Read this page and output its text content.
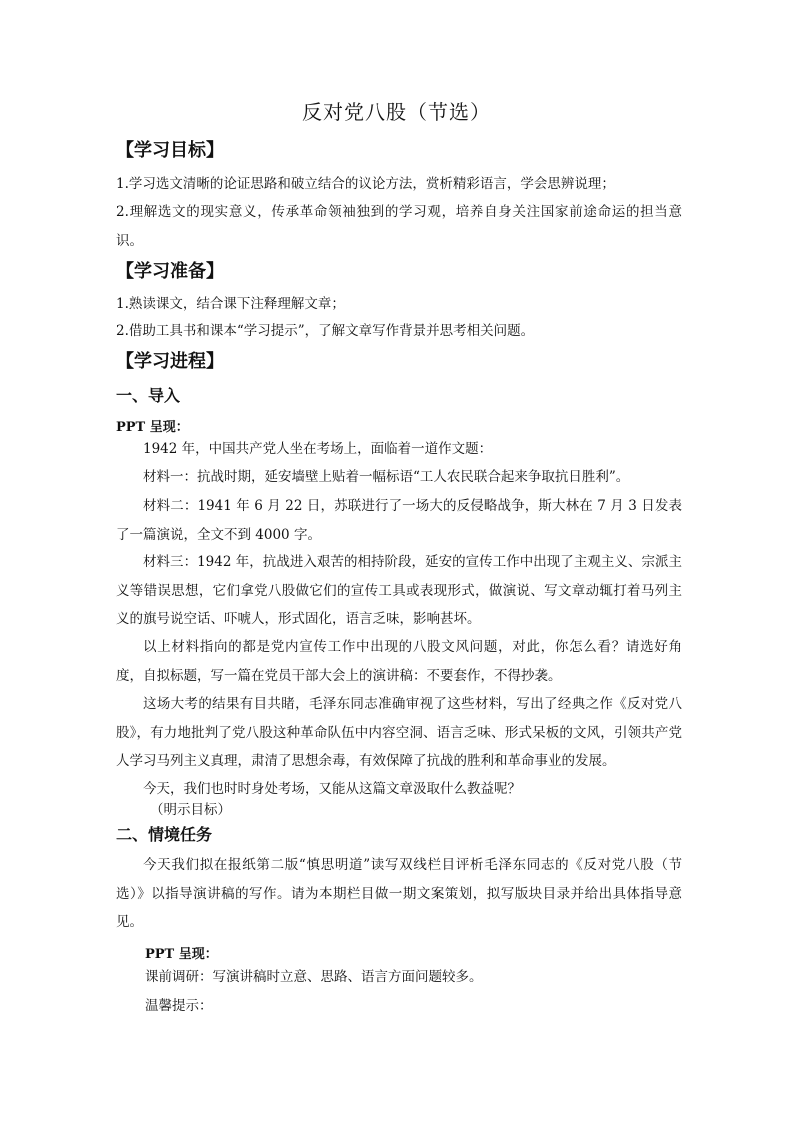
反对党八股（节选）
【学习目标】
1.学习选文清晰的论证思路和破立结合的议论方法，赏析精彩语言，学会思辨说理；
2.理解选文的现实意义，传承革命领袖独到的学习观，培养自身关注国家前途命运的担当意识。
【学习准备】
1.熟读课文，结合课下注释理解文章；
2.借助工具书和课本“学习提示”，了解文章写作背景并思考相关问题。
【学习进程】
一、导入
PPT 呈现：
1942 年，中国共产党人坐在考场上，面临着一道作文题：
材料一：抗战时期，延安墙壁上贴着一幅标语“工人农民联合起来争取抗日胜利”。
材料二：1941 年 6 月 22 日，苏联进行了一场大的反侵略战争，斯大林在 7 月 3 日发表了一篇演说，全文不到 4000 字。
材料三：1942 年，抗战进入艰苦的相持阶段，延安的宣传工作中出现了主观主义、宗派主义等错误思想，它们拿党八股做它们的宣传工具或表现形式，做演说、写文章动辄打着马列主义的旗号说空话、吓唬人，形式固化，语言乏味，影响甚坏。
以上材料指向的都是党内宣传工作中出现的八股文风问题，对此，你怎么看？请选好角度，自拟标题，写一篇在党员干部大会上的演讲稿：不要套作，不得抄袭。
这场大考的结果有目共睹，毛泽东同志准确审视了这些材料，写出了经典之作《反对党八股》，有力地批判了党八股这种革命队伍中内容空洞、语言乏味、形式呆板的文风，引领共产党人学习马列主义真理，肃清了思想余毒，有效保障了抗战的胜利和革命事业的发展。
今天，我们也时时身处考场，又能从这篇文章汲取什么教益呢？
（明示目标）
二、情境任务
今天我们拟在报纸第二版“慎思明道”读写双线栏目评析毛泽东同志的《反对党八股（节选）》以指导演讲稿的写作。请为本期栏目做一期文案策划，拟写版块目录并给出具体指导意见。
PPT 呈现：
课前调研：写演讲稿时立意、思路、语言方面问题较多。
温馨提示：
